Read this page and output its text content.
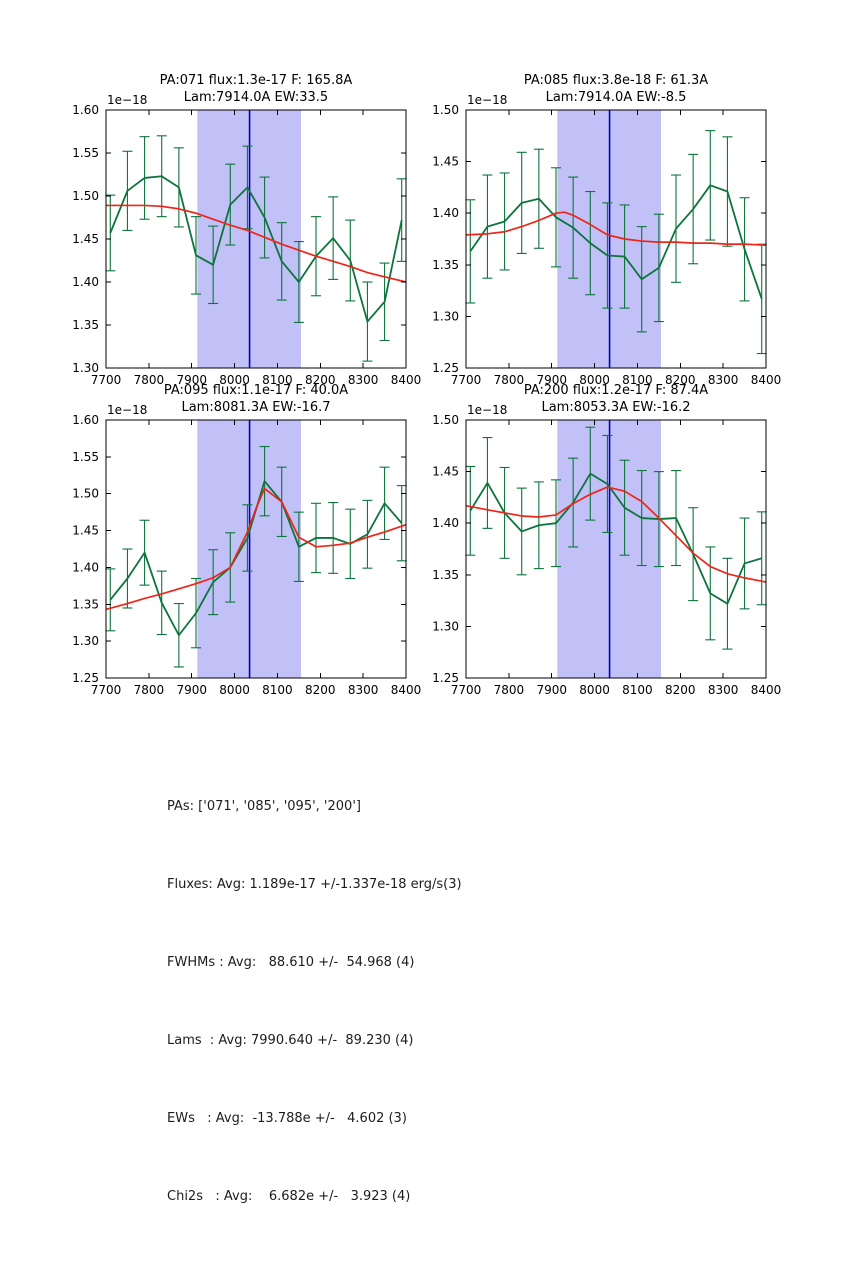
PA:071 flux:1.3e-17 F: 165.8A
Lam:7914.0A EW:33.5
1e−18
7700 7800 7900 8000 8100 8200 8300 8400
1.30
1.35
1.40
1.45
1.50
1.55
1.60
PA:085 flux:3.8e-18 F: 61.3A
Lam:7914.0A EW:-8.5
1e−18
7700 7800 7900 8000 8100 8200 8300 8400
1.25
1.30
1.35
1.40
1.45
1.50
PA:095 flux:1.1e-17 F: 40.0A
Lam:8081.3A EW:-16.7
1e−18
7700 7800 7900 8000 8100 8200 8300 8400
1.25
1.30
1.35
1.40
1.45
1.50
1.55
1.60
PA:200 flux:1.2e-17 F: 87.4A
Lam:8053.3A EW:-16.2
1e−18
7700 7800 7900 8000 8100 8200 8300 8400
1.25
1.30
1.35
1.40
1.45
1.50

PAs: ['071', '085', '095', '200']

Fluxes: Avg: 1.189e-17 +/-1.337e-18 erg/s(3)

FWHMs : Avg:   88.610 +/-  54.968 (4)

Lams  : Avg: 7990.640 +/-  89.230 (4)

EWs   : Avg:  -13.788e +/-   4.602 (3)

Chi2s   : Avg:    6.682e +/-   3.923 (4)
